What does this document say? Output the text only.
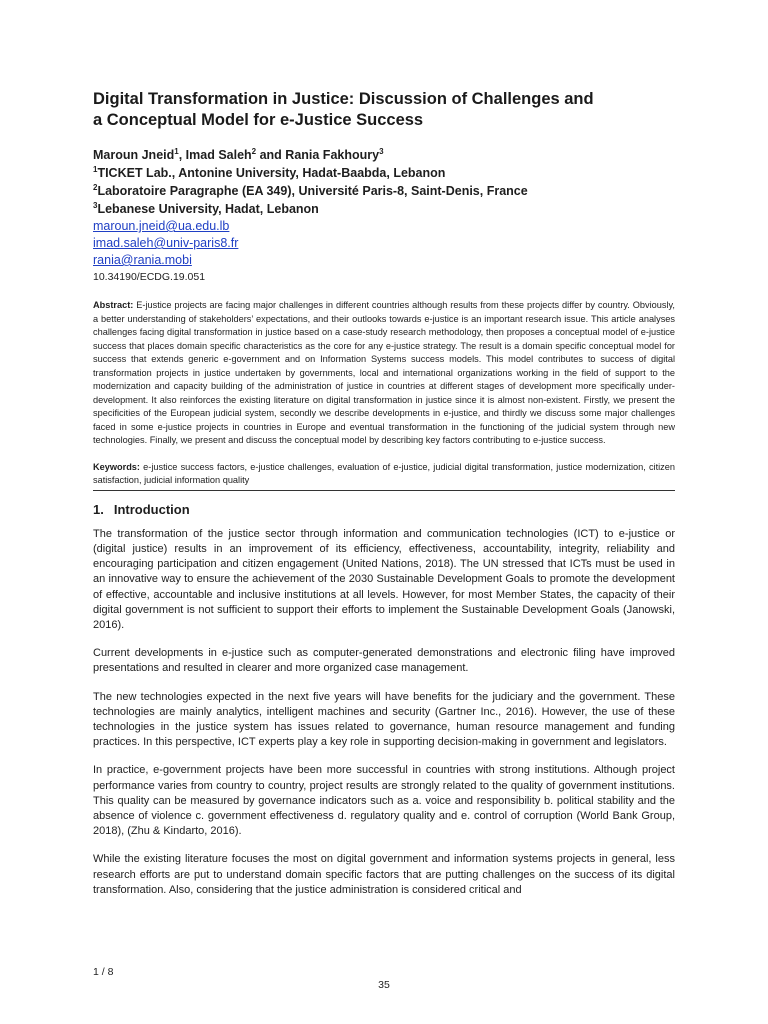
Digital Transformation in Justice: Discussion of Challenges and
a Conceptual Model for e-Justice Success
Maroun Jneid$^1$, Imad Saleh$^2$ and Rania Fakhoury$^3$
$^1$TICKET Lab., Antonine University, Hadat-Baabda, Lebanon
$^2$Laboratoire Paragraphe (EA 349), Université Paris-8, Saint-Denis, France
$^3$Lebanese University, Hadat, Lebanon
maroun.jneid@ua.edu.lb
imad.saleh@univ-paris8.fr
rania@rania.mobi
10.34190/ECDG.19.051

Abstract: E-justice projects are facing major challenges in different countries although results from these projects differ by country. Obviously, a better understanding of stakeholders’ expectations, and their outlooks towards e-justice is an important research issue. This article analyses challenges facing digital transformation in justice based on a case-study research methodology, then proposes a conceptual model of e-justice success that places domain specific characteristics as the core for any e-justice strategy. The result is a domain specific conceptual model for success that extends generic e-government and on Information Systems success models. This model contributes to success of digital transformation projects in justice undertaken by governments, local and international organizations working in the field of support to the modernization and capacity building of the administration of justice in countries at different stages of development more specifically under-development. It also reinforces the existing literature on digital transformation in justice since it is almost non-existent. Firstly, we present the specificities of the European judicial system, secondly we describe developments in e-justice, and thirdly we discuss some major challenges faced in some e-justice projects in countries in Europe and eventual transformation in the functioning of the judicial system through new technologies. Finally, we present and discuss the conceptual model by describing key factors contributing to e-justice success.

Keywords: e-justice success factors, e-justice challenges, evaluation of e-justice, judicial digital transformation, justice modernization, citizen satisfaction, judicial information quality

1. Introduction

The transformation of the justice sector through information and communication technologies (ICT) to e-justice or (digital justice) results in an improvement of its efficiency, effectiveness, accountability, integrity, reliability and encouraging participation and citizen engagement (United Nations, 2018). The UN stressed that ICTs must be used in an innovative way to ensure the achievement of the 2030 Sustainable Development Goals to promote the development of effective, accountable and inclusive institutions at all levels. However, for most Member States, the capacity of their digital government is not sufficient to support their efforts to implement the Sustainable Development Goals (Janowski, 2016).

Current developments in e-justice such as computer-generated demonstrations and electronic filing have improved presentations and resulted in clearer and more organized case management.

The new technologies expected in the next five years will have benefits for the judiciary and the government. These technologies are mainly analytics, intelligent machines and security (Gartner Inc., 2016). However, the use of these technologies in the justice system has issues related to governance, human resource management and funding practices. In this perspective, ICT experts play a key role in supporting decision-making in government and legislators.

In practice, e-government projects have been more successful in countries with strong institutions. Although project performance varies from country to country, project results are strongly related to the quality of government institutions. This quality can be measured by governance indicators such as a. voice and responsibility b. political stability and the absence of violence c. government effectiveness d. regulatory quality and e. control of corruption (World Bank Group, 2018), (Zhu & Kindarto, 2016).

While the existing literature focuses the most on digital government and information systems projects in general, less research efforts are put to understand domain specific factors that are putting challenges on the success of its digital transformation. Also, considering that the justice administration is considered critical and

1 / 8
35
